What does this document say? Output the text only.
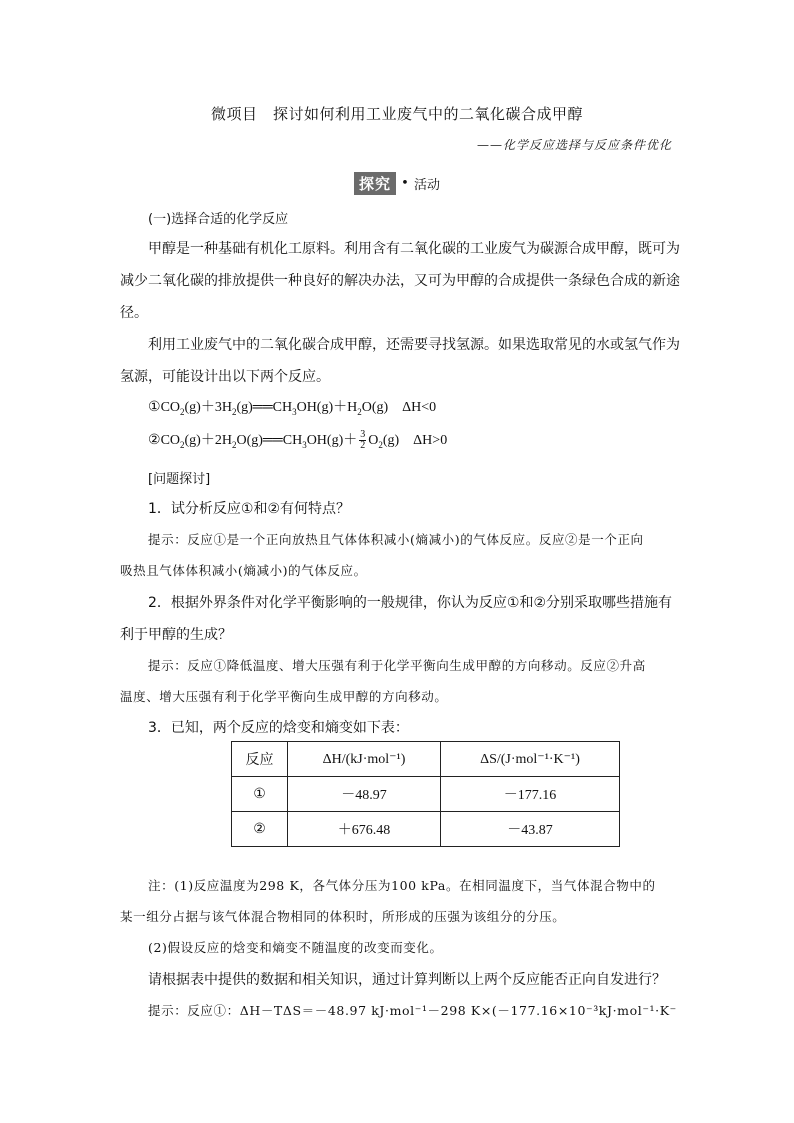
微项目　探讨如何利用工业废气中的二氧化碳合成甲醇
——化学反应选择与反应条件优化
探究 • 活动
(一)选择合适的化学反应
甲醇是一种基础有机化工原料。利用含有二氧化碳的工业废气为碳源合成甲醇，既可为
减少二氧化碳的排放提供一种良好的解决办法，又可为甲醇的合成提供一条绿色合成的新途
径。
利用工业废气中的二氧化碳合成甲醇，还需要寻找氢源。如果选取常见的水或氢气作为
氢源，可能设计出以下两个反应。
$①CO_2(g)+3H_2(g)══CH_3OH(g)+H_2O(g)$　ΔH<0
$②CO_2(g)+2H_2O(g)══CH_3OH(g)+ \frac{3}{2} O_2(g)$　ΔH>0
[问题探讨]
1．试分析反应①和②有何特点？
提示：反应①是一个正向放热且气体体积减小(熵减小)的气体反应。反应②是一个正向
吸热且气体体积减小(熵减小)的气体反应。
2．根据外界条件对化学平衡影响的一般规律，你认为反应①和②分别采取哪些措施有
利于甲醇的生成？
提示：反应①降低温度、增大压强有利于化学平衡向生成甲醇的方向移动。反应②升高
温度、增大压强有利于化学平衡向生成甲醇的方向移动。
3．已知，两个反应的焓变和熵变如下表：
反应	ΔH/(kJ·mol⁻¹)	ΔS/(J·mol⁻¹·K⁻¹)
①	－48.97	－177.16
②	＋676.48	－43.87
注：(1)反应温度为298 K，各气体分压为100 kPa。在相同温度下，当气体混合物中的
某一组分占据与该气体混合物相同的体积时，所形成的压强为该组分的分压。
(2)假设反应的焓变和熵变不随温度的改变而变化。
请根据表中提供的数据和相关知识，通过计算判断以上两个反应能否正向自发进行？
提示：反应①：ΔH－TΔS＝－48.97 kJ·mol⁻¹－298 K×(－177.16×10⁻³kJ·mol⁻¹·K⁻
